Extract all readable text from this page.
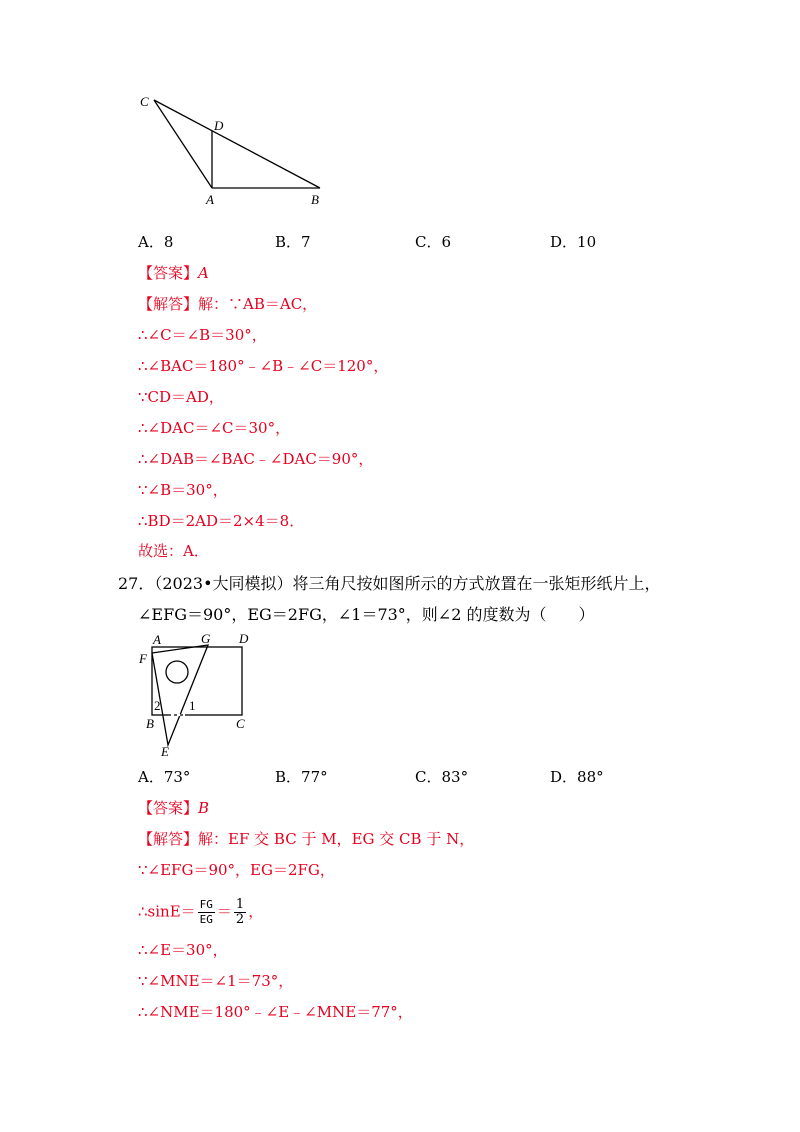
C
D
A	B
A．8	B．7	C．6	D．10
【答案】A
【解答】解：∵AB＝AC，
∴∠C＝∠B＝30°，
∴∠BAC＝180°﹣∠B﹣∠C＝120°，
∵CD＝AD，
∴∠DAC＝∠C＝30°，
∴∠DAB＝∠BAC﹣∠DAC＝90°，
∵∠B＝30°，
∴BD＝2AD＝2×4＝8．
故选：A．
27．（2023•大同模拟）将三角尺按如图所示的方式放置在一张矩形纸片上，
∠EFG＝90°，EG＝2FG，∠1＝73°，则∠2 的度数为（　　）
A	G D
F
2 1
B	C
E
A．73°	B．77°	C．83°	D．88°
【答案】B
【解答】解：EF 交 BC 于 M，EG 交 CB 于 N，
∵∠EFG＝90°，EG＝2FG，
∴sinE＝ $\frac{FG}{EG} = \frac{1}{2}$ ，
∴∠E＝30°，
∵∠MNE＝∠1＝73°，
∴∠NME＝180°﹣∠E﹣∠MNE＝77°，
